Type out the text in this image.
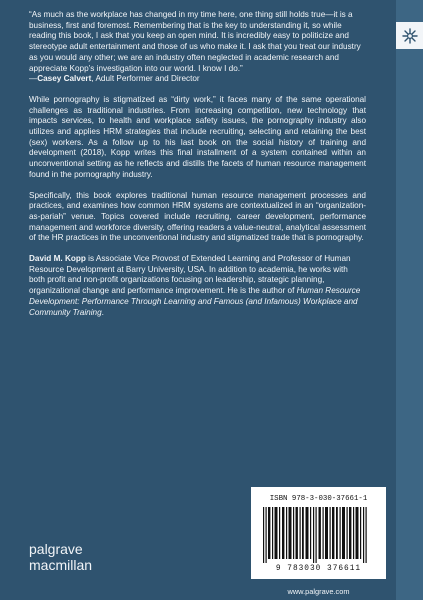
“As much as the workplace has changed in my time here, one thing still holds true—it is a business, first and foremost. Remembering that is the key to understanding it, so while reading this book, I ask that you keep an open mind. It is incredibly easy to politicize and stereotype adult entertainment and those of us who make it. I ask that you treat our industry as you would any other; we are an industry often neglected in academic research and appreciate Kopp’s investigation into our world. I know I do.”

—Casey Calvert, Adult Performer and Director

While pornography is stigmatized as “dirty work,” it faces many of the same operational challenges as traditional industries. From increasing competition, new technology that impacts services, to health and workplace safety issues, the pornography industry also utilizes and applies HRM strategies that include recruiting, selecting and retaining the best (sex) workers. As a follow up to his last book on the social history of training and development (2018), Kopp writes this final installment of a system contained within an unconventional setting as he reflects and distills the facets of human resource management found in the pornography industry.

Specifically, this book explores traditional human resource management processes and practices, and examines how common HRM systems are contextualized in an “organization-as-pariah” venue. Topics covered include recruiting, career development, performance management and workforce diversity, offering readers a value-neutral, analytical assessment of the HR practices in the unconventional industry and stigmatized trade that is pornography.

David M. Kopp is Associate Vice Provost of Extended Learning and Professor of Human Resource Development at Barry University, USA. In addition to academia, he works with both profit and non-profit organizations focusing on leadership, strategic planning, organizational change and performance improvement. He is the author of Human Resource Development: Performance Through Learning and Famous (and Infamous) Workplace and Community Training.

ISBN 978-3-030-37661-1
9 783030 376611
palgrave
macmillan
www.palgrave.com
